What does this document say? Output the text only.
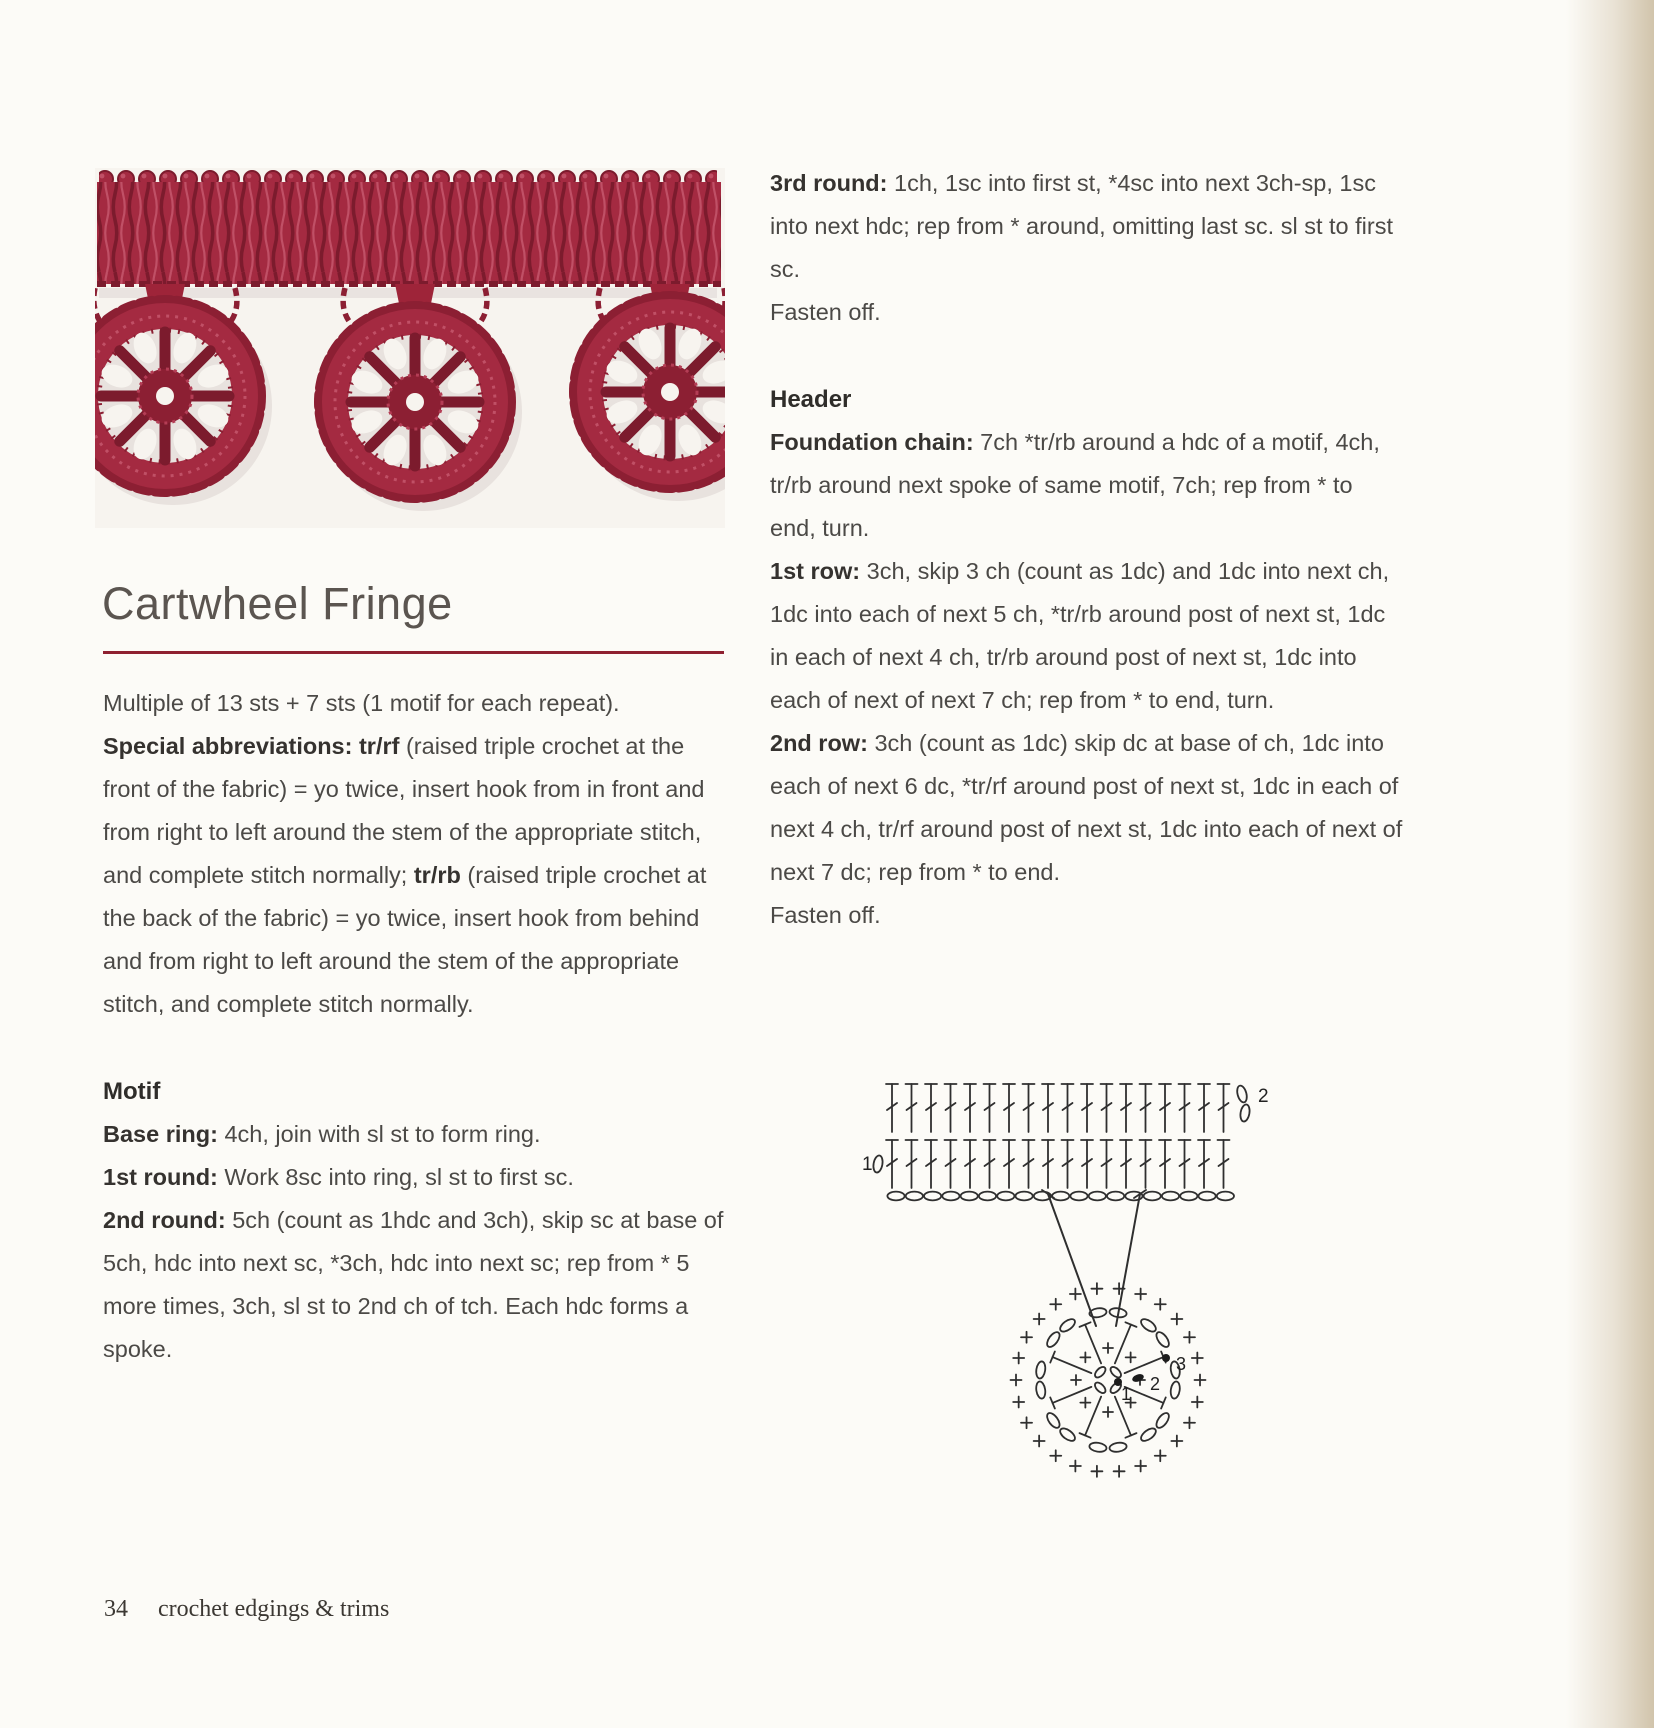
Cartwheel Fringe

Multiple of 13 sts + 7 sts (1 motif for each repeat).

Special abbreviations: tr/rf (raised triple crochet at the front of the fabric) = yo twice, insert hook from in front and from right to left around the stem of the appropriate stitch, and complete stitch normally; tr/rb (raised triple crochet at the back of the fabric) = yo twice, insert hook from behind and from right to left around the stem of the appropriate stitch, and complete stitch normally.

Motif

Base ring: 4ch, join with sl st to form ring.

1st round: Work 8sc into ring, sl st to first sc.

2nd round: 5ch (count as 1hdc and 3ch), skip sc at base of 5ch, hdc into next sc, *3ch, hdc into next sc; rep from * 5 more times, 3ch, sl st to 2nd ch of tch. Each hdc forms a spoke.

3rd round: 1ch, 1sc into first st, *4sc into next 3ch-sp, 1sc into next hdc; rep from * around, omitting last sc. sl st to first sc.

Fasten off.

Header

Foundation chain: 7ch *tr/rb around a hdc of a motif, 4ch, tr/rb around next spoke of same motif, 7ch; rep from * to end, turn.

1st row: 3ch, skip 3 ch (count as 1dc) and 1dc into next ch, 1dc into each of next 5 ch, *tr/rb around post of next st, 1dc in each of next 4 ch, tr/rb around post of next st, 1dc into each of next of next 7 ch; rep from * to end, turn.

2nd row: 3ch (count as 1dc) skip dc at base of ch, 1dc into each of next 6 dc, *tr/rf around post of next st, 1dc in each of next 4 ch, tr/rf around post of next st, 1dc into each of next of next 7 dc; rep from * to end.

Fasten off.

2
1
1 2
3
34 crochet edgings & trims
